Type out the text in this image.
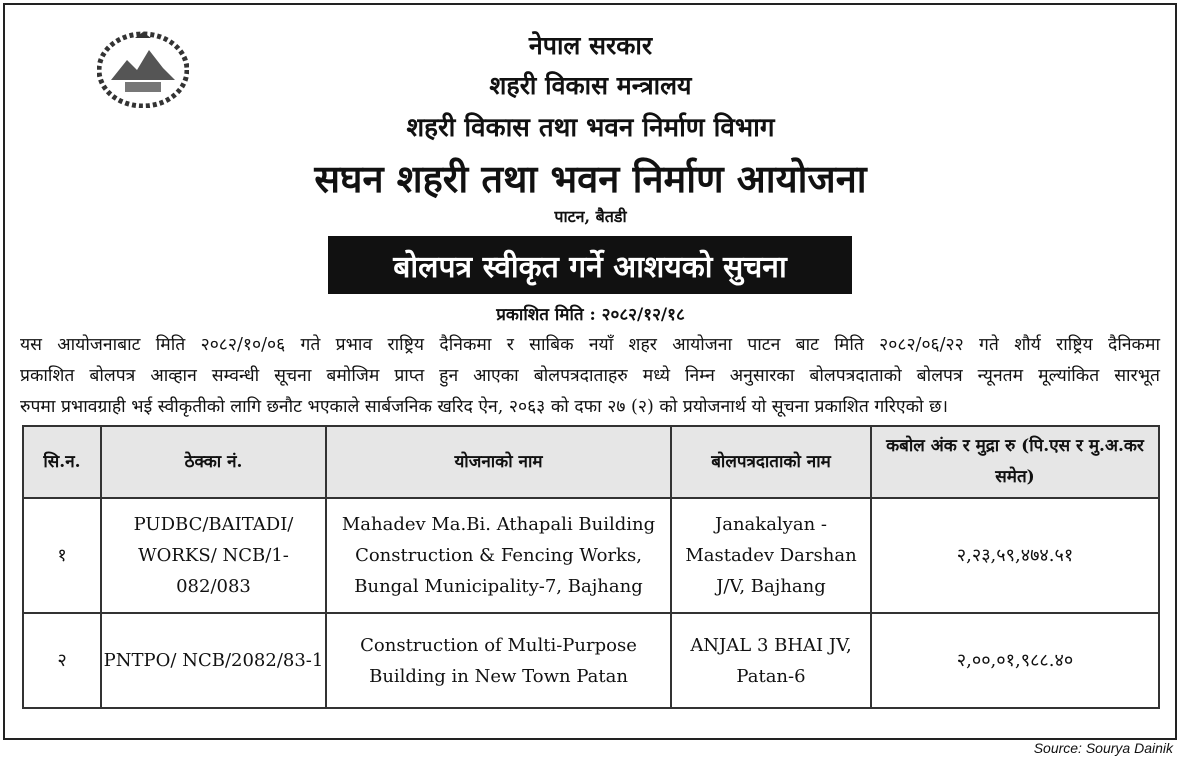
नेपाल सरकार
शहरी विकास मन्त्रालय
शहरी विकास तथा भवन निर्माण विभाग
सघन शहरी तथा भवन निर्माण आयोजना
पाटन, बैतडी
बोलपत्र स्वीकृत गर्ने आशयको सुचना
प्रकाशित मिति : २०८२/१२/१८
यस आयोजनाबाट मिति २०८२/१०/०६ गते प्रभाव राष्ट्रिय दैनिकमा र साबिक नयाँ शहर आयोजना पाटन बाट मिति २०८२/०६/२२ गते शौर्य राष्ट्रिय दैनिकमा
प्रकाशित बोलपत्र आव्हान सम्वन्धी सूचना बमोजिम प्राप्त हुन आएका बोलपत्रदाताहरु मध्ये निम्न अनुसारका बोलपत्रदाताको बोलपत्र न्यूनतम मूल्यांकित सारभूत
रुपमा प्रभावग्राही भई स्वीकृतीको लागि छनौट भएकाले सार्बजनिक खरिद ऐन, २०६३ को दफा २७ (२) को प्रयोजनार्थ यो सूचना प्रकाशित गरिएको छ।
सि.न.	ठेक्का नं.	योजनाको नाम	बोलपत्रदाताको नाम	कबोल अंक र मुद्रा रु (पि.एस र मु.अ.कर समेत)
१	PUDBC/BAITADI/ WORKS/ NCB/1-082/083	Mahadev Ma.Bi. Athapali Building Construction & Fencing Works, Bungal Municipality-7, Bajhang	Janakalyan - Mastadev Darshan J/V, Bajhang	२,२३,५९,४७४.५१
२	PNTPO/ NCB/2082/83-1	Construction of Multi-Purpose Building in New Town Patan	ANJAL 3 BHAI JV, Patan-6	२,००,०१,९८८.४०
Source: Sourya Dainik
